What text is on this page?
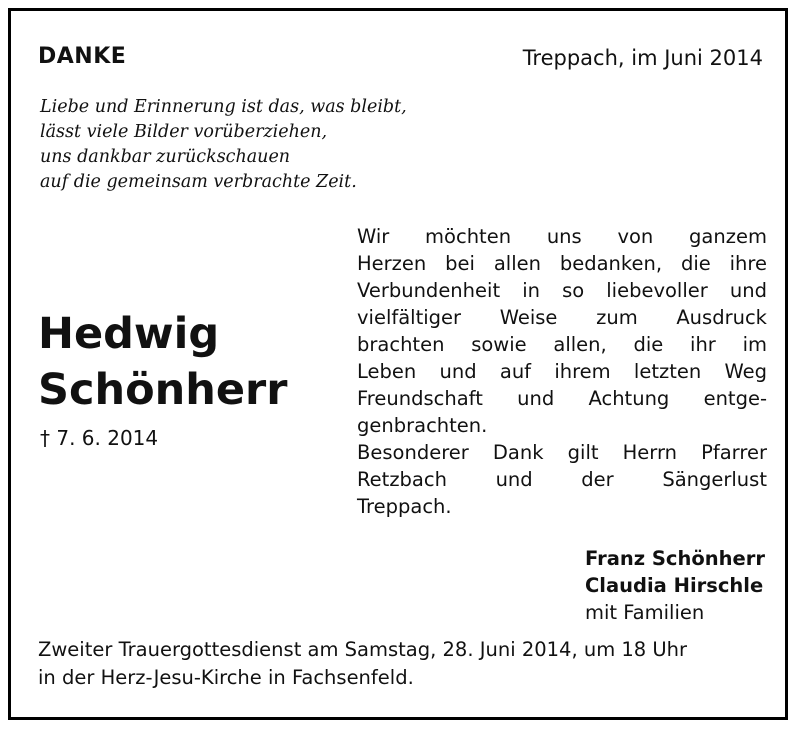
DANKE	Treppach, im Juni 2014
Liebe und Erinnerung ist das, was bleibt,
lässt viele Bilder vorüberziehen,
uns dankbar zurückschauen
auf die gemeinsam verbrachte Zeit.
Hedwig
Schönherr
† 7. 6. 2014
Wir möchten uns von ganzem
Herzen bei allen bedanken, die ihre
Verbundenheit in so liebevoller und
vielfältiger Weise zum Ausdruck
brachten sowie allen, die ihr im
Leben und auf ihrem letzten Weg
Freundschaft und Achtung entge-
genbrachten.
Besonderer Dank gilt Herrn Pfarrer
Retzbach und der Sängerlust
Treppach.
Franz Schönherr
Claudia Hirschle
mit Familien
Zweiter Trauergottesdienst am Samstag, 28. Juni 2014, um 18 Uhr
in der Herz-Jesu-Kirche in Fachsenfeld.
